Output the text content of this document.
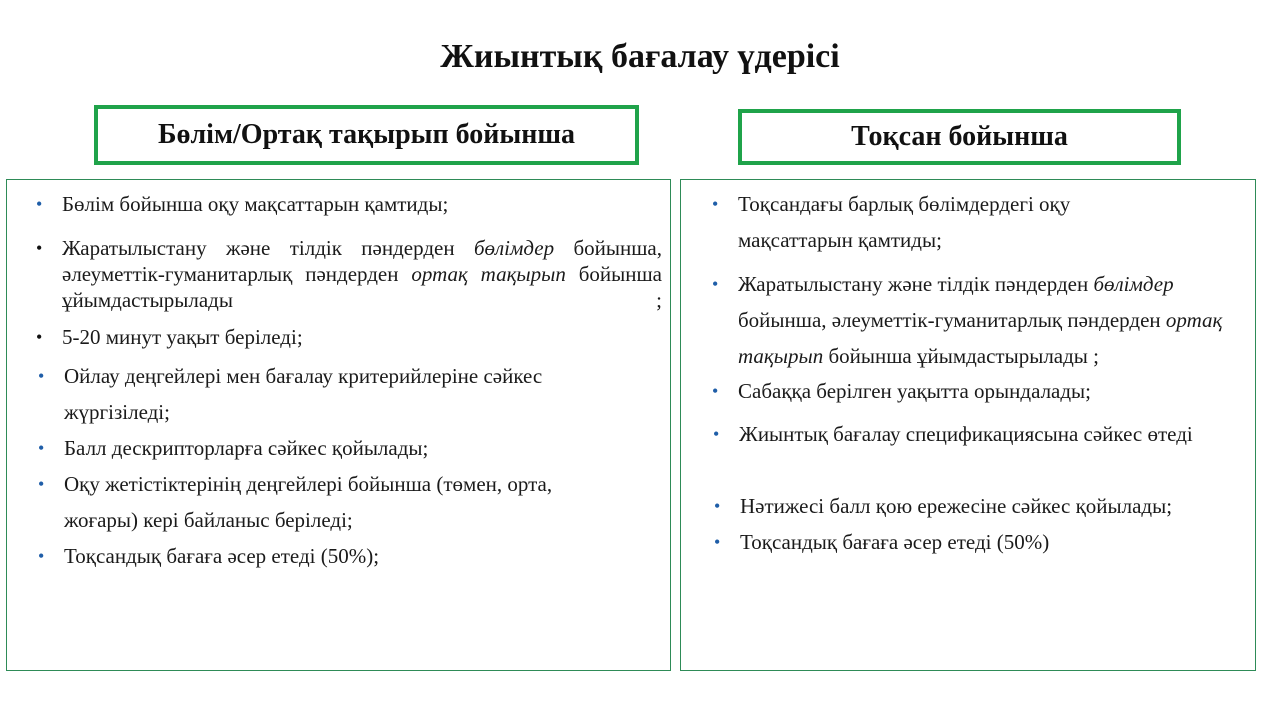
Жиынтық бағалау үдерісі
Бөлім/Ортақ тақырып бойынша	Тоқсан бойынша
• Бөлім бойынша оқу мақсаттарын қамтиды;
• Жаратылыстану және тілдік пәндерден бөлімдер бойынша, әлеуметтік-гуманитарлық пәндерден ортақ тақырып бойынша ұйымдастырылады ;
• 5-20 минут уақыт беріледі;
• Ойлау деңгейлері мен бағалау критерийлеріне сәйкес жүргізіледі;
• Балл дескрипторларға сәйкес қойылады;
• Оқу жетістіктерінің деңгейлері бойынша (төмен, орта, жоғары) кері байланыс беріледі;
• Тоқсандық бағаға әсер етеді (50%);
• Тоқсандағы барлық бөлімдердегі оқу мақсаттарын қамтиды;
• Жаратылыстану және тілдік пәндерден бөлімдер бойынша, әлеуметтік-гуманитарлық пәндерден ортақ тақырып бойынша ұйымдастырылады ;
• Сабаққа берілген уақытта орындалады;
• Жиынтық бағалау спецификациясына сәйкес өтеді
• Нәтижесі балл қою ережесіне сәйкес қойылады;
• Тоқсандық бағаға әсер етеді (50%)
